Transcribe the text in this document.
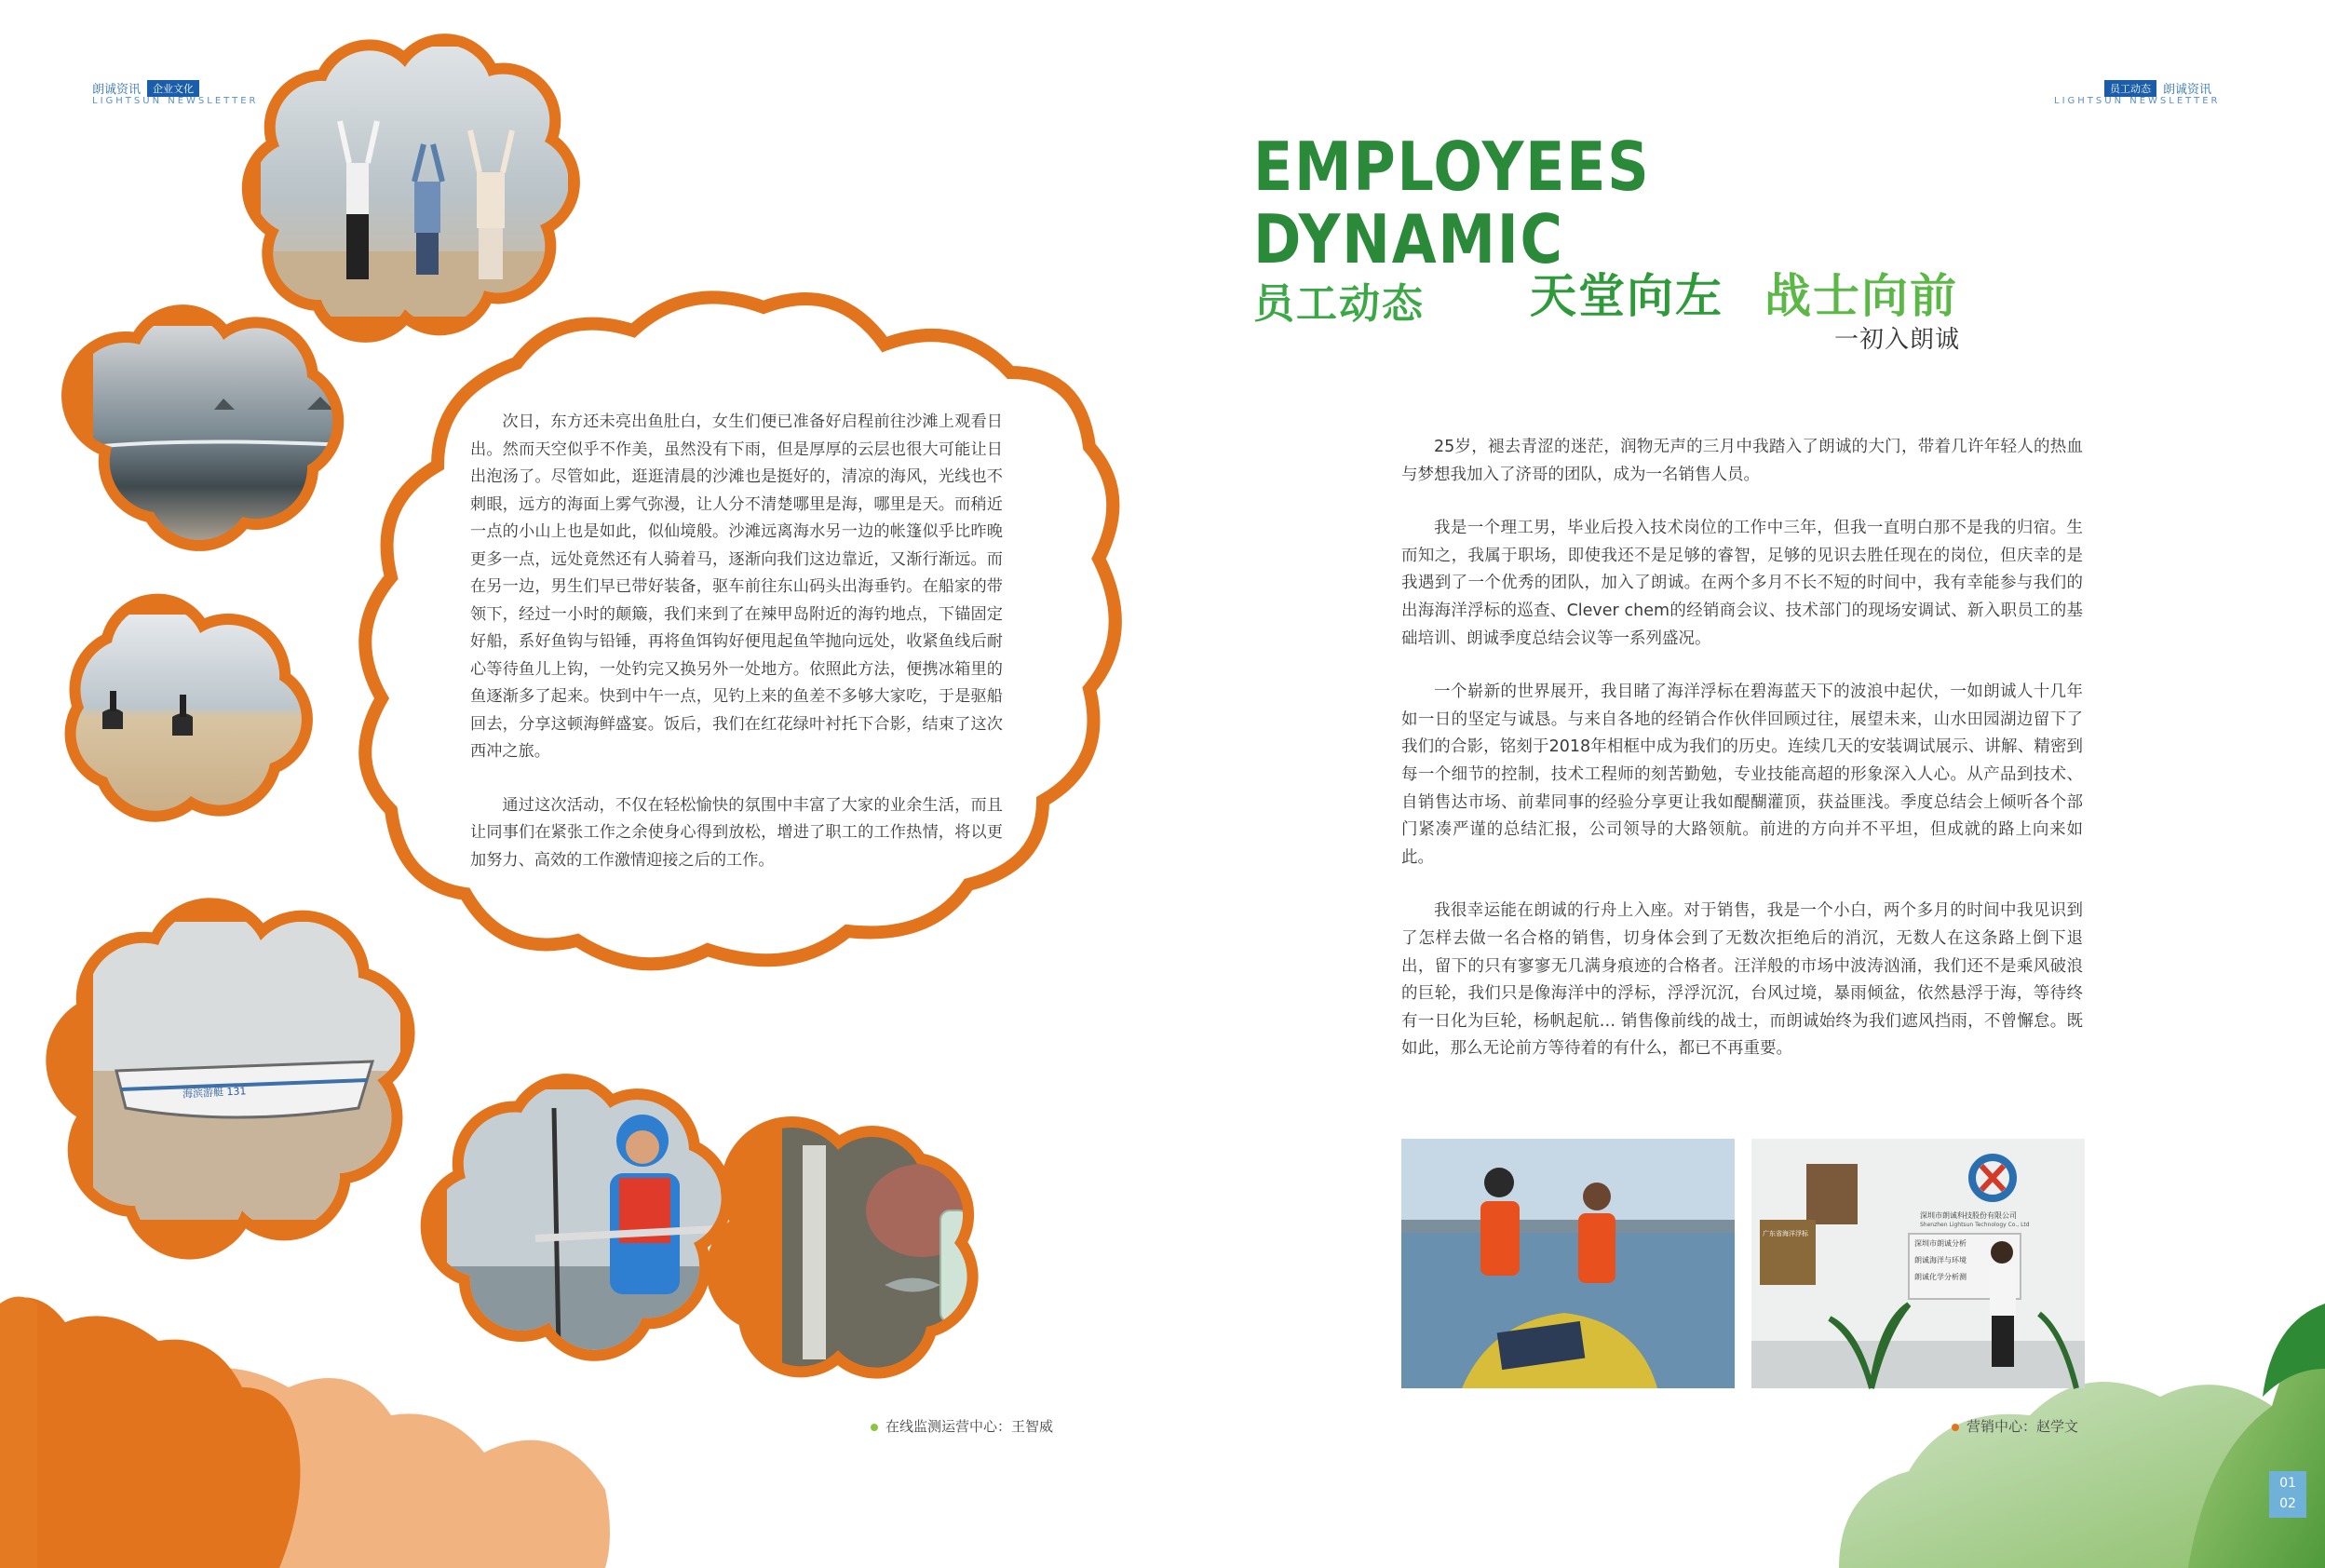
朗诚资讯	企业文化
LIGHTSUN NEWSLETTER
员工动态	朗诚资讯
LIGHTSUN NEWSLETTER
EMPLOYEES
DYNAMIC
员工动态 天堂向左 战士向前
一初入朗诚

次日，东方还未亮出鱼肚白，女生们便已准备好启程前往沙滩上观看日出。然而天空似乎不作美，虽然没有下雨，但是厚厚的云层也很大可能让日出泡汤了。尽管如此，逛逛清晨的沙滩也是挺好的，清凉的海风，光线也不刺眼，远方的海面上雾气弥漫，让人分不清楚哪里是海，哪里是天。而稍近一点的小山上也是如此，似仙境般。沙滩远离海水另一边的帐篷似乎比昨晚更多一点，远处竟然还有人骑着马，逐渐向我们这边靠近，又渐行渐远。而在另一边，男生们早已带好装备，驱车前往东山码头出海垂钓。在船家的带领下，经过一小时的颠簸，我们来到了在辣甲岛附近的海钓地点，下锚固定好船，系好鱼钩与铅锤，再将鱼饵钩好便甩起鱼竿抛向远处，收紧鱼线后耐心等待鱼儿上钩，一处钓完又换另外一处地方。依照此方法，便携冰箱里的鱼逐渐多了起来。快到中午一点，见钓上来的鱼差不多够大家吃，于是驱船回去，分享这顿海鲜盛宴。饭后，我们在红花绿叶衬托下合影，结束了这次西冲之旅。

通过这次活动，不仅在轻松愉快的氛围中丰富了大家的业余生活，而且让同事们在紧张工作之余使身心得到放松，增进了职工的工作热情，将以更加努力、高效的工作激情迎接之后的工作。

25岁，褪去青涩的迷茫，润物无声的三月中我踏入了朗诚的大门，带着几许年轻人的热血与梦想我加入了济哥的团队，成为一名销售人员。

我是一个理工男，毕业后投入技术岗位的工作中三年，但我一直明白那不是我的归宿。生而知之，我属于职场，即使我还不是足够的睿智，足够的见识去胜任现在的岗位，但庆幸的是我遇到了一个优秀的团队，加入了朗诚。在两个多月不长不短的时间中，我有幸能参与我们的出海海洋浮标的巡查、Clever chem的经销商会议、技术部门的现场安调试、新入职员工的基础培训、朗诚季度总结会议等一系列盛况。

一个崭新的世界展开，我目睹了海洋浮标在碧海蓝天下的波浪中起伏，一如朗诚人十几年如一日的坚定与诚恳。与来自各地的经销合作伙伴回顾过往，展望未来，山水田园湖边留下了我们的合影，铭刻于2018年相框中成为我们的历史。连续几天的安装调试展示、讲解、精密到每一个细节的控制，技术工程师的刻苦勤勉，专业技能高超的形象深入人心。从产品到技术、自销售达市场、前辈同事的经验分享更让我如醍醐灌顶，获益匪浅。季度总结会上倾听各个部门紧凑严谨的总结汇报，公司领导的大路领航。前进的方向并不平坦，但成就的路上向来如此。

我很幸运能在朗诚的行舟上入座。对于销售，我是一个小白，两个多月的时间中我见识到了怎样去做一名合格的销售，切身体会到了无数次拒绝后的消沉，无数人在这条路上倒下退出，留下的只有寥寥无几满身痕迹的合格者。汪洋般的市场中波涛汹涌，我们还不是乘风破浪的巨轮，我们只是像海洋中的浮标，浮浮沉沉，台风过境，暴雨倾盆，依然悬浮于海，等待终有一日化为巨轮，杨帆起航… 销售像前线的战士，而朗诚始终为我们遮风挡雨，不曾懈怠。既如此，那么无论前方等待着的有什么，都已不再重要。

海滨游艇 131
深圳市朗诚科技股份有限公司
Shenzhen Lightsun Technology Co., Ltd
广东省海洋浮标
深圳市朗诚分析
朗诚海洋与环境
朗诚化学分析测
在线监测运营中心：王智威	营销中心：赵学文
01
02
